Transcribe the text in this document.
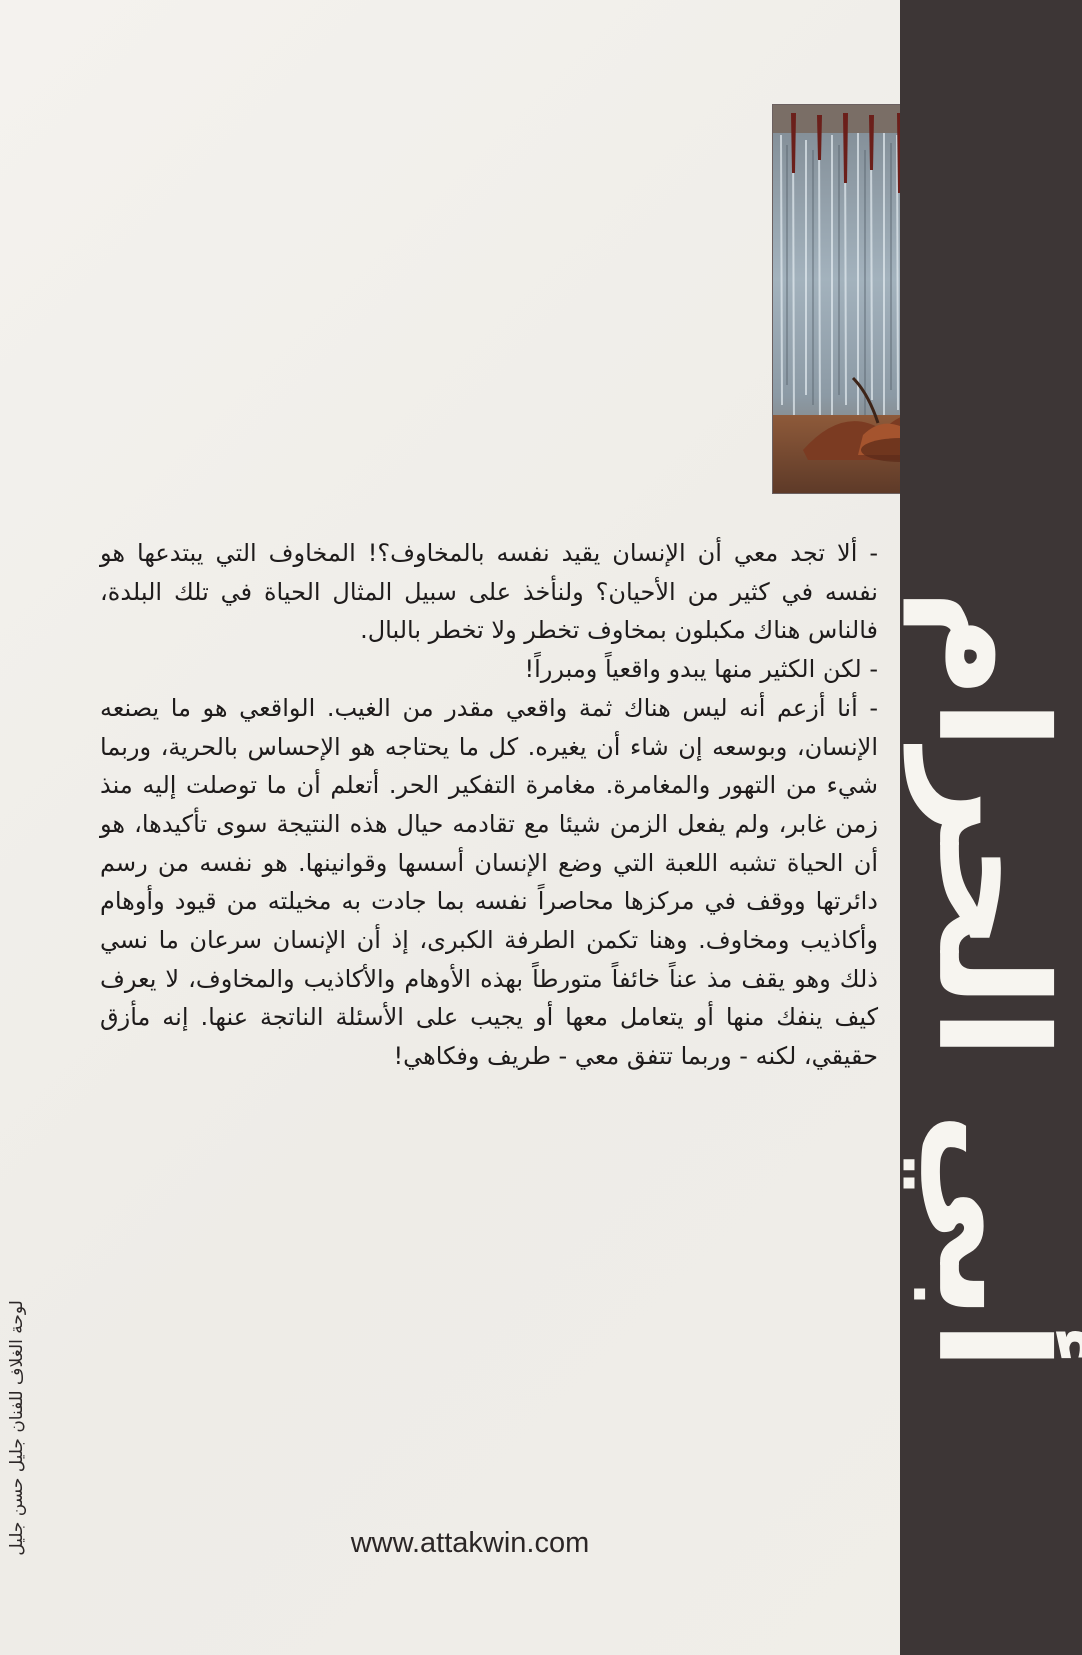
أبي الحرام

- ألا تجد معي أن الإنسان يقيد نفسه بالمخاوف؟! المخاوف التي يبتدعها هو نفسه في كثير من الأحيان؟ ولنأخذ على سبيل المثال الحياة في تلك البلدة، فالناس هناك مكبلون بمخاوف تخطر ولا تخطر بالبال.

- لكن الكثير منها يبدو واقعياً ومبرراً!

- أنا أزعم أنه ليس هناك ثمة واقعي مقدر من الغيب. الواقعي هو ما يصنعه الإنسان، وبوسعه إن شاء أن يغيره. كل ما يحتاجه هو الإحساس بالحرية، وربما شيء من التهور والمغامرة. مغامرة التفكير الحر. أتعلم أن ما توصلت إليه منذ زمن غابر، ولم يفعل الزمن شيئا مع تقادمه حيال هذه النتيجة سوى تأكيدها، هو أن الحياة تشبه اللعبة التي وضع الإنسان أسسها وقوانينها. هو نفسه من رسم دائرتها ووقف في مركزها محاصراً نفسه بما جادت به مخيلته من قيود وأوهام وأكاذيب ومخاوف. وهنا تكمن الطرفة الكبرى، إذ أن الإنسان سرعان ما نسي ذلك وهو يقف مذ عناً خائفاً متورطاً بهذه الأوهام والأكاذيب والمخاوف، لا يعرف كيف ينفك منها أو يتعامل معها أو يجيب على الأسئلة الناتجة عنها. إنه مأزق حقيقي، لكنه - وربما تتفق معي - طريف وفكاهي!

www.attakwin.com
لوحة الغلاف للفنان جليل حسن جليل
